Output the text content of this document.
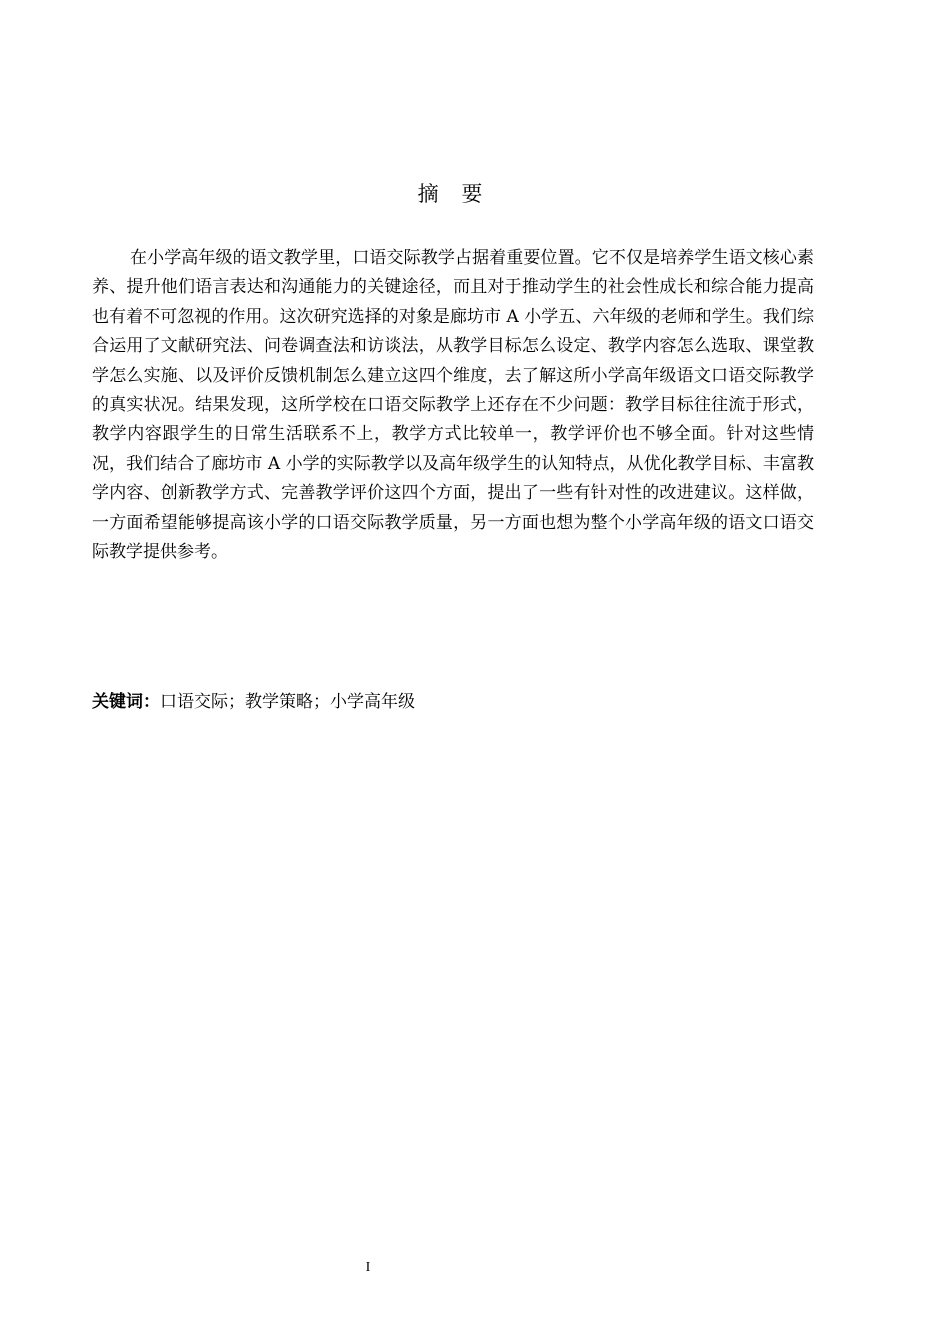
摘 要

在小学高年级的语文教学里，口语交际教学占据着重要位置。它不仅是培养学生语文核心素养、提升他们语言表达和沟通能力的关键途径，而且对于推动学生的社会性成长和综合能力提高也有着不可忽视的作用。这次研究选择的对象是廊坊市 A 小学五、六年级的老师和学生。我们综合运用了文献研究法、问卷调查法和访谈法，从教学目标怎么设定、教学内容怎么选取、课堂教学怎么实施、以及评价反馈机制怎么建立这四个维度，去了解这所小学高年级语文口语交际教学的真实状况。结果发现，这所学校在口语交际教学上还存在不少问题：教学目标往往流于形式，教学内容跟学生的日常生活联系不上，教学方式比较单一，教学评价也不够全面。针对这些情况，我们结合了廊坊市 A 小学的实际教学以及高年级学生的认知特点，从优化教学目标、丰富教学内容、创新教学方式、完善教学评价这四个方面，提出了一些有针对性的改进建议。这样做，一方面希望能够提高该小学的口语交际教学质量，另一方面也想为整个小学高年级的语文口语交际教学提供参考。

关键词：口语交际；教学策略；小学高年级

I
